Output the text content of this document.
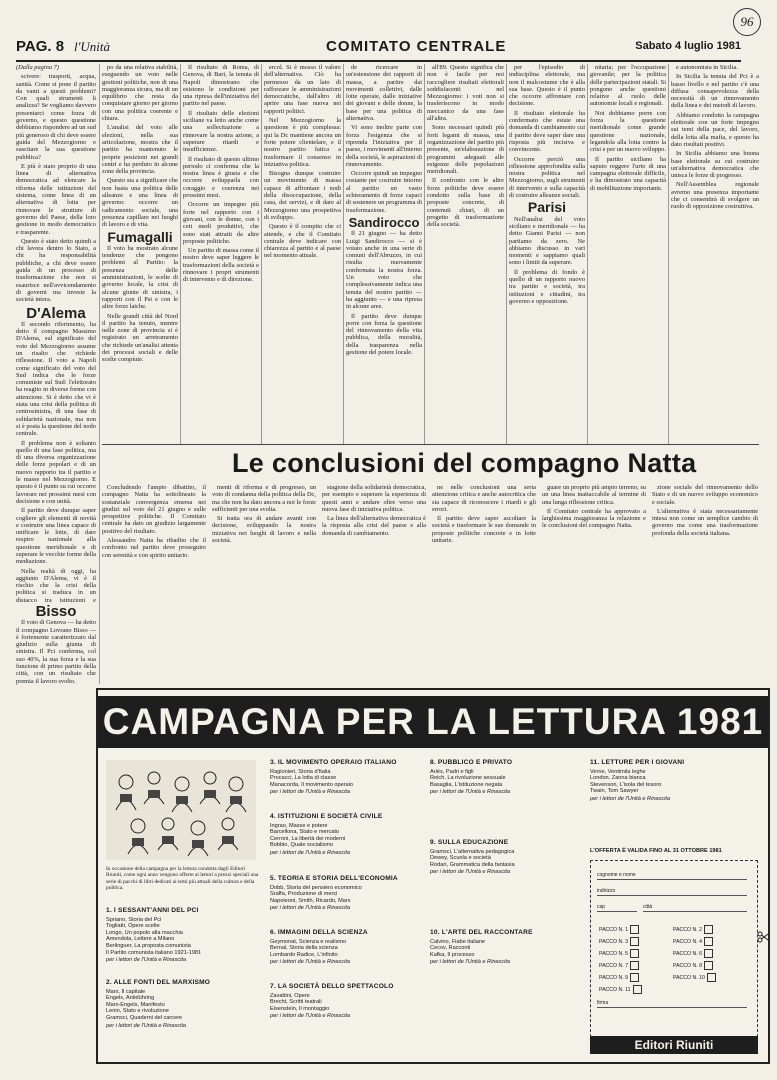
96
PAG. 8 l'Unità	COMITATO CENTRALE	Sabato 4 luglio 1981

(Dalla pagina 7)

scivere: trasporti, acqua, sanità. Come si pone il partito da vanti a questi problemi? Con quali strumenti li analizza? Se vogliamo davvero presentarci come forza di governo, e questo questione debbiamo rispondere ad un sud più generoso di chi deve essere guida del Mezzogiorno e suscitare la sua questione pubblica?

E più è stato proprio di una linea di alternativa democratica ad elencare la riforma delle istituzioni del sistema, come linea di un alternativa di lotta per rinnovare le strutture di governo del Paese, della loro gestione in modo democratico e trasparente.

Questo è stato detto quindi a chi lavora dentro lo Stato, a chi ha responsabilità pubbliche, a chi deve essere guida di un processo di trasformazione che non si esaurisce nell'avvicendamento di governi ma investe la società intera.

D'Alema

Il secondo riferimento, ha detto il compagno Massimo D'Alema, sul significato del voto del Mezzogiorno assume un risalto che richiede riflessione. Il voto a Napoli come significato del voto del Sud indica che le forze comuniste sul Sud: l'elettorato ha reagito in diverse forme con attenzione. Si è detto che vi è stata una crisi della politica di centrosinistra, di una fase di solidarietà nazionale, ma non si è posta la questione del nodo centrale.

Il problema non è soltanto quello di una fase politica, ma di una diversa organizzazione delle forze popolari e di un nuovo rapporto tra il partito e le masse nel Mezzogiorno. E questo è il punto su cui occorre lavorare nei prossimi mesi con decisione e con unità.

Il partito deve dunque saper cogliere gli elementi di novità e costruire una linea capace di unificare le lotte, di dare respiro nazionale alla questione meridionale e di superare le vecchie forme della mediazione.

Nella realtà di oggi, ha aggiunto D'Alema, vi è il rischio che la crisi della politica si traduca in un distacco tra istituzioni e

Bisso

Il voto di Genova — ha detto il compagno Lovrano Bisso — è fortemente caratterizzato dal giudizio sulla giunta di sinistra. Il Pci conferma, col suo 40%, la sua forza e la sua funzione di primo partito della città, con un risultato che premia il lavoro svolto.

po da una relativa stabilità, eseguendo un voto nelle gestioni politiche, non di una maggioranza sicura, ma di un equilibrio che resta da conquistare giorno per giorno con una politica coerente e chiara.

L'analisi del voto alle elezioni, nella sua articolazione, mostra che il partito ha mantenuto le proprie posizioni nei grandi centri e ha perduto in alcune zone della provincia.

Questo sta a significare che non basta una politica delle alleanze e una linea di governo: occorre un radicamento sociale, una presenza capillare nei luoghi di lavoro e di vita.

Fumagalli

Il voto ha mostrato alcune tendenze che pongono problemi al Partito: la presenza delle amministrazioni, le scelte di governo locale, la crisi di alcune giunte di sinistra, i rapporti con il Psi e con le altre forze laiche.

Nelle grandi città del Nord il partito ha tenuto, mentre nelle zone di provincia si è registrato un arretramento che richiede un'analisi attenta dei processi sociali e delle scelte compiute.

Il risultato di Roma, di Genova, di Bari, la tenuta di Napoli dimostrano che esistono le condizioni per una ripresa dell'iniziativa del partito nel paese.

Il risultato delle elezioni siciliane va letto anche come una sollecitazione a rinnovare la nostra azione, a superare ritardi e insufficienze.

Il risultato di questo ultimo periodo ci conferma che la nostra linea è giusta e che occorre svilupparla con coraggio e coerenza nei prossimi mesi.

Occorre un impegno più forte nel rapporto con i giovani, con le donne, con i ceti medi produttivi, che sono stati attratti da altre proposte politiche.

Un partito di massa come il nostro deve saper leggere le trasformazioni della società e rinnovare i propri strumenti di intervento e di direzione.

ercol. Si è mosso il valore dell'alternativa. Ciò ha permesso da un lato di rafforzare le amministrazioni democratiche, dall'altro di aprire una fase nuova nei rapporti politici.

Nel Mezzogiorno la questione è più complessa: qui la Dc mantiene ancora un forte potere clientelare, e il nostro partito fatica a trasformare il consenso in iniziativa politica.

Bisogna dunque costruire un movimento di massa capace di affrontare i nodi della disoccupazione, della casa, dei servizi, e di dare al Mezzogiorno una prospettiva di sviluppo.

Questo è il compito che ci attende, e che il Comitato centrale deve indicare con chiarezza al partito e al paese nel momento attuale.

de ricercare in un'estensione dei rapporti di massa, a partire dai movimenti collettivi, dalle lotte operaie, dalle iniziative dei giovani e delle donne, la base per una politica di alternativa.

Vi sono inoltre parte con forza l'esigenza che si riprenda l'iniziativa per il paese, i movimenti all'interno della società, le aspirazioni di rinnovamento.

Occorre quindi un impegno costante per costruire intorno al partito un vasto schieramento di forze capaci di sostenere un programma di trasformazione.

Sandirocco

Il 21 giugno — ha detto Luigi Sandirocco — si è votato anche in una serie di comuni dell'Abruzzo, in cui risulta nuovamente confermata la nostra forza. Un voto che complessivamente indica una tenuta del nostro partito — ha aggiunto — e una ripresa in alcune aree.

Il partito deve dunque porre con forza la questione del rinnovamento della vita pubblica, della moralità, della trasparenza nella gestione del potere locale.

all'89. Questo significa che non è facile per noi raccogliere risultati elettorali soddisfacenti nel Mezzogiorno: i voti non si trasferiscono in modo meccanico da una fase all'altra.

Sono necessari quindi più forti legami di massa, una organizzazione del partito più presente, un'elaborazione di programmi adeguati alle esigenze delle popolazioni meridionali.

Il confronto con le altre forze politiche deve essere condotto sulla base di proposte concrete, di contenuti chiari, di un progetto di trasformazione della società.

per l'episodio di indisciplina elettorale, ma non il malcostume che è alla sua base. Questo è il punto che occorre affrontare con decisione.

Il risultato elettorale ha confermato che esiste una domanda di cambiamento cui il partito deve saper dare una risposta più incisiva e convincente.

Occorre perciò una riflessione approfondita sulla nostra politica nel Mezzogiorno, sugli strumenti di intervento e sulla capacità di costruire alleanze sociali.

Parisi

Nell'analisi del voto siciliano e meridionale — ha detto Gianni Parisi — non partiamo da zero. Ne abbiamo discusso in vari momenti e sappiamo quali sono i limiti da superare.

Il problema di fondo è quello di un rapporto nuovo tra partito e società, tra istituzioni e cittadini, tra governo e opposizione.

nitaria; per l'occupazione giovanile; per la politica delle partecipazioni statali. Si pongono anche questioni relative al ruolo delle autonomie locali e regionali.

Noi dobbiamo porre con forza la questione meridionale come grande questione nazionale, legandola alla lotta contro la crisi e per un nuovo sviluppo.

Il partito siciliano ha saputo reggere l'urto di una campagna elettorale difficile, e ha dimostrato una capacità di mobilitazione importante.

e autonomista in Sicilia.

In Sicilia la tenuta del Pci è a basso livello e nel partito c'è una diffusa consapevolezza della necessità di un rinnovamento della linea e dei metodi di lavoro.

Abbiamo condotto la campagna elettorale con un forte impegno sui temi della pace, del lavoro, della lotta alla mafia, e questo ha dato risultati positivi.

In Sicilia abbiamo una buona base elettorale su cui costruire un'alternativa democratica che unisca le forze di progresso.

Nell'Assemblea regionale avremo una presenza importante che ci consentirà di svolgere un ruolo di opposizione costruttiva.

Le conclusioni del compagno Natta

Concludendo l'ampio dibattito, il compagno Natta ha sottolineato la sostanziale convergenza emersa nei giudizi sul voto del 21 giugno e sulle prospettive politiche. Il Comitato centrale ha dato un giudizio largamente positivo del risultato.

Alessandro Natta ha ribadito che il confronto nel partito deve proseguire con serenità e con spirito unitario.

menti di riforma e di progresso, un voto di condanna della politica della Dc, ma che non ha dato ancora a noi le forze sufficienti per una svolta.

Si tratta ora di andare avanti con decisione, sviluppando la nostra iniziativa nei luoghi di lavoro e nella società.

stagione della solidarietà democratica, per esempio e superare la esperienza di questi anni e andare oltre verso una nuova fase di iniziativa politica.

La linea dell'alternativa democratica è la risposta alla crisi del paese e alla domanda di cambiamento.

ne nelle conclusioni una seria attenzione critica e anche autocritica che sia capace di riconoscere i ritardi e gli errori.

Il partito deve saper ascoltare la società e trasformare le sue domande in proposte politiche concrete e in lotte unitarie.

guare un proprio più ampio terreno, su un una linea inattaccabile al termine di una lunga riflessione critica.

Il Comitato centrale ha approvato a larghissima maggioranza la relazione e le conclusioni del compagno Natta.

zione sociale del rinnovamento dello Stato e di un nuovo sviluppo economico e sociale.

L'alternativa è stata necessariamente intesa non come un semplice cambio di governo ma come una trasformazione profonda della società italiana.

CAMPAGNA PER LA LETTURA 1981
In occasione della campagna per la lettura condotta dagli Editori Riuniti, come ogni anno vengono offerte ai lettori a prezzi speciali una serie di pacchi di libri dedicati ai temi più attuali della cultura e della politica.
1. I SESSANT'ANNI DEL PCI
Spriano, Storia del Pci
Togliatti, Opere scelte
Longo, Un popolo alla macchia
Amendola, Lettere a Milano
Berlinguer, La proposta comunista
Il Partito comunista italiano 1921-1981
per i lettori de l'Unità e Rinascita
2. ALLE FONTI DEL MARXISMO
Marx, Il capitale
Engels, Antidühring
Marx-Engels, Manifesto
Lenin, Stato e rivoluzione
Gramsci, Quaderni del carcere
per i lettori de l'Unità e Rinascita
3. IL MOVIMENTO OPERAIO ITALIANO
Ragionieri, Storia d'Italia
Procacci, La lotta di classe
Manacorda, Il movimento operaio
per i lettori de l'Unità e Rinascita
4. ISTITUZIONI E SOCIETÀ CIVILE
Ingrao, Masse e potere
Barcellona, Stato e mercato
Cerroni, La libertà dei moderni
Bobbio, Quale socialismo
per i lettori de l'Unità e Rinascita
5. TEORIA E STORIA DELL'ECONOMIA
Dobb, Storia del pensiero economico
Sraffa, Produzione di merci
Napoleoni, Smith, Ricardo, Marx
per i lettori de l'Unità e Rinascita
6. IMMAGINI DELLA SCIENZA
Geymonat, Scienza e realismo
Bernal, Storia della scienza
Lombardo Radice, L'infinito
per i lettori de l'Unità e Rinascita
7. LA SOCIETÀ DELLO SPETTACOLO
Zavattini, Opere
Brecht, Scritti teatrali
Eisenstein, Il montaggio
per i lettori de l'Unità e Rinascita
8. PUBBLICO E PRIVATO
Ariès, Padri e figli
Reich, La rivoluzione sessuale
Basaglia, L'istituzione negata
per i lettori de l'Unità e Rinascita
9. SULLA EDUCAZIONE
Gramsci, L'alternativa pedagogica
Dewey, Scuola e società
Rodari, Grammatica della fantasia
per i lettori de l'Unità e Rinascita
10. L'ARTE DEL RACCONTARE
Calvino, Fiabe italiane
Cecov, Racconti
Kafka, Il processo
per i lettori de l'Unità e Rinascita
11. LETTURE PER I GIOVANI
Verne, Ventimila leghe
London, Zanna bianca
Stevenson, L'isola del tesoro
Twain, Tom Sawyer
per i lettori de l'Unità e Rinascita
L'OFFERTA È VALIDA FINO AL 31 OTTOBRE 1981
cognome e nome
indirizzo
cap	città
PACCO N. 1	PACCO N. 2
PACCO N. 3	PACCO N. 4
PACCO N. 5	PACCO N. 6
PACCO N. 7	PACCO N. 8
PACCO N. 9	PACCO N. 10
PACCO N. 11
firma
Editori Riuniti
